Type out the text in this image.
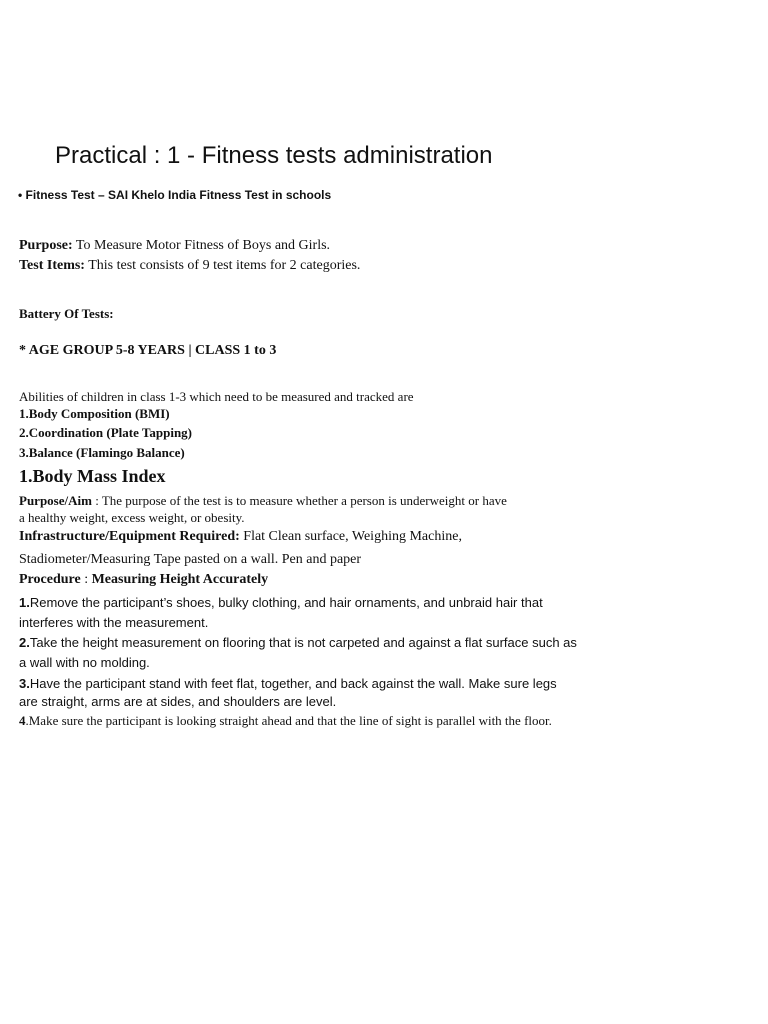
Practical : 1 - Fitness tests administration
• Fitness Test – SAI Khelo India Fitness Test in schools
Purpose: To Measure Motor Fitness of Boys and Girls.
Test Items: This test consists of 9 test items for 2 categories.
Battery Of Tests:
* AGE GROUP 5-8 YEARS | CLASS 1 to 3
Abilities of children in class 1-3 which need to be measured and tracked are
1.Body Composition (BMI)
2.Coordination (Plate Tapping)
3.Balance (Flamingo Balance)
1.Body Mass Index
Purpose/Aim : The purpose of the test is to measure whether a person is underweight or have
a healthy weight, excess weight, or obesity.
Infrastructure/Equipment Required: Flat Clean surface, Weighing Machine,
Stadiometer/Measuring Tape pasted on a wall. Pen and paper
Procedure : Measuring Height Accurately
1.Remove the participant’s shoes, bulky clothing, and hair ornaments, and unbraid hair that
interferes with the measurement.
2.Take the height measurement on flooring that is not carpeted and against a flat surface such as
a wall with no molding.
3.Have the participant stand with feet flat, together, and back against the wall. Make sure legs
are straight, arms are at sides, and shoulders are level.
4.Make sure the participant is looking straight ahead and that the line of sight is parallel with the floor.
